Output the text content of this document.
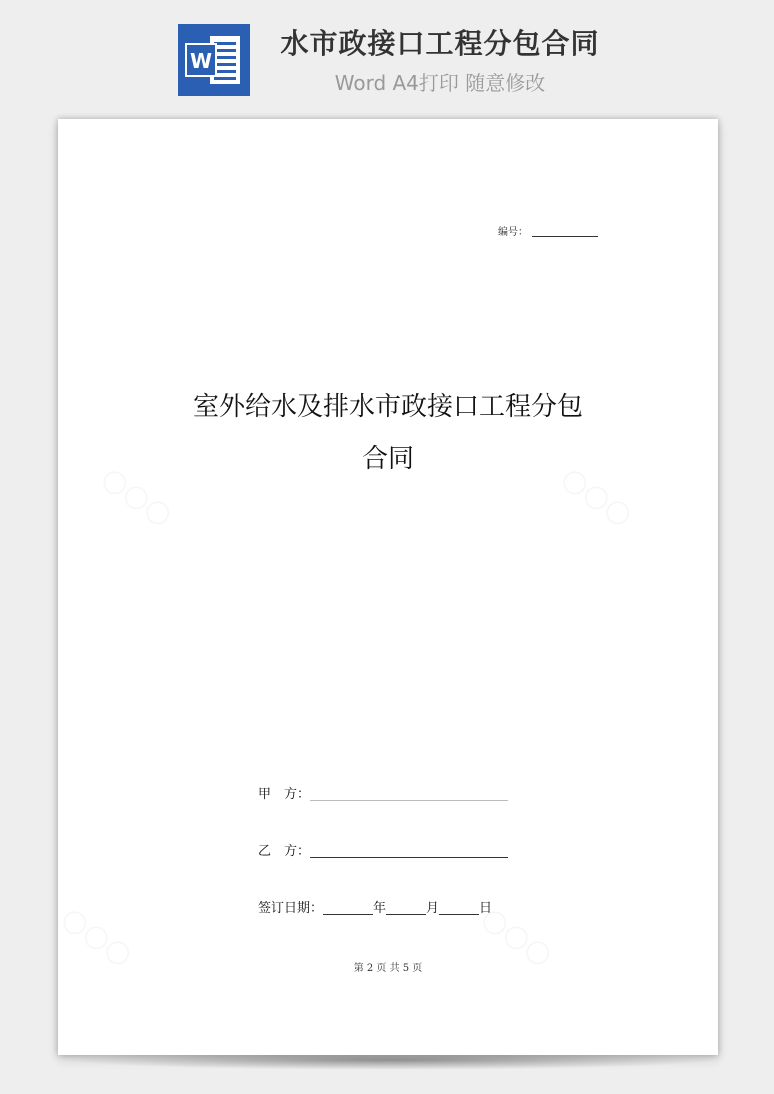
W
水市政接口工程分包合同
Word A4打印 随意修改
编号：
室外给水及排水市政接口工程分包
合同
甲　方：
乙　方：
签订日期：	年	月	日
第 2 页 共 5 页
